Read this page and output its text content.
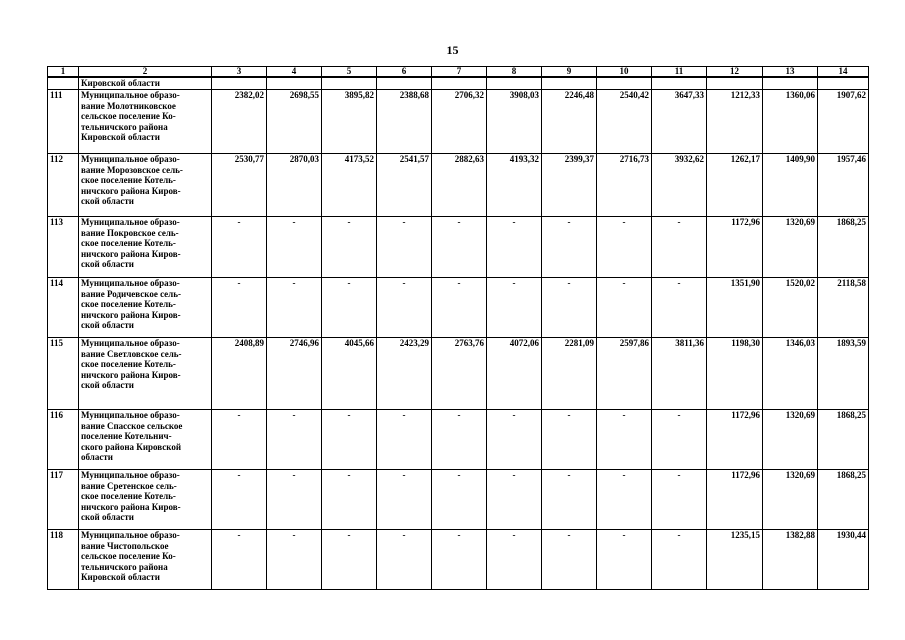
15
1	2	3	4	5	6	7	8	9	10	11	12	13	14
	Кировской области												
111	Муниципальное образо-
вание Молотниковское
сельское поселение Ко-
тельничского района
Кировской области	2382,02	2698,55	3895,82	2388,68	2706,32	3908,03	2246,48	2540,42	3647,33	1212,33	1360,06	1907,62
112	Муниципальное образо-
вание Морозовское сель-
ское поселение Котель-
ничского района Киров-
ской области	2530,77	2870,03	4173,52	2541,57	2882,63	4193,32	2399,37	2716,73	3932,62	1262,17	1409,90	1957,46
113	Муниципальное образо-
вание Покровское сель-
ское поселение Котель-
ничского района Киров-
ской области	-	-	-	-	-	-	-	-	-	1172,96	1320,69	1868,25
114	Муниципальное образо-
вание Родичевское сель-
ское поселение Котель-
ничского района Киров-
ской области	-	-	-	-	-	-	-	-	-	1351,90	1520,02	2118,58
115	Муниципальное образо-
вание Светловское сель-
ское поселение Котель-
ничского района Киров-
ской области	2408,89	2746,96	4045,66	2423,29	2763,76	4072,06	2281,09	2597,86	3811,36	1198,30	1346,03	1893,59
116	Муниципальное образо-
вание Спасское сельское
поселение Котельнич-
ского района Кировской
области	-	-	-	-	-	-	-	-	-	1172,96	1320,69	1868,25
117	Муниципальное образо-
вание Сретенское сель-
ское поселение Котель-
ничского района Киров-
ской области	-	-	-	-	-	-	-	-	-	1172,96	1320,69	1868,25
118	Муниципальное образо-
вание Чистопольское
сельское поселение Ко-
тельничского района
Кировской области	-	-	-	-	-	-	-	-	-	1235,15	1382,88	1930,44
